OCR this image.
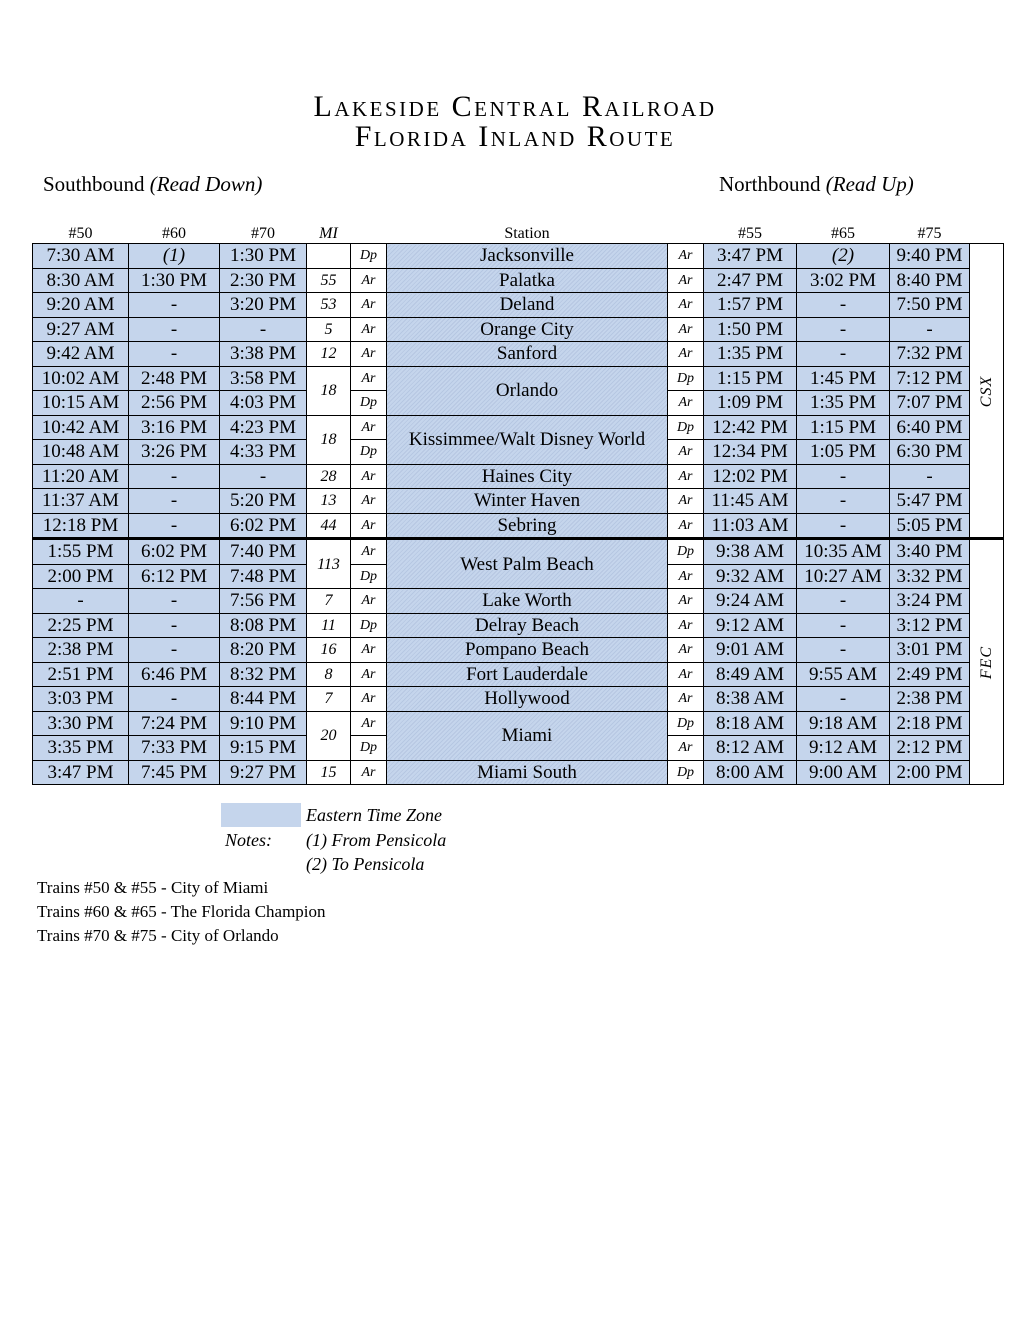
Lakeside Central Railroad
Florida Inland Route
Southbound (Read Down)	Northbound (Read Up)
#50	#60	#70	MI		Station		#55	#65	#75	
7:30 AM	(1)	1:30 PM		Dp	Jacksonville	Ar	3:47 PM	(2)	9:40 PM	CSX
8:30 AM	1:30 PM	2:30 PM	55	Ar	Palatka	Ar	2:47 PM	3:02 PM	8:40 PM	
9:20 AM	-	3:20 PM	53	Ar	Deland	Ar	1:57 PM	-	7:50 PM	
9:27 AM	-	-	5	Ar	Orange City	Ar	1:50 PM	-	-	
9:42 AM	-	3:38 PM	12	Ar	Sanford	Ar	1:35 PM	-	7:32 PM	
10:02 AM	2:48 PM	3:58 PM	18	Ar	Orlando	Dp	1:15 PM	1:45 PM	7:12 PM	
10:15 AM	2:56 PM	4:03 PM		Dp		Ar	1:09 PM	1:35 PM	7:07 PM	
10:42 AM	3:16 PM	4:23 PM	18	Ar	Kissimmee/Walt Disney World	Dp	12:42 PM	1:15 PM	6:40 PM	
10:48 AM	3:26 PM	4:33 PM		Dp		Ar	12:34 PM	1:05 PM	6:30 PM	
11:20 AM	-	-	28	Ar	Haines City	Ar	12:02 PM	-	-	
11:37 AM	-	5:20 PM	13	Ar	Winter Haven	Ar	11:45 AM	-	5:47 PM	
12:18 PM	-	6:02 PM	44	Ar	Sebring	Ar	11:03 AM	-	5:05 PM	
1:55 PM	6:02 PM	7:40 PM	113	Ar	West Palm Beach	Dp	9:38 AM	10:35 AM	3:40 PM	FEC
2:00 PM	6:12 PM	7:48 PM		Dp		Ar	9:32 AM	10:27 AM	3:32 PM	
-	-	7:56 PM	7	Ar	Lake Worth	Ar	9:24 AM	-	3:24 PM	
2:25 PM	-	8:08 PM	11	Dp	Delray Beach	Ar	9:12 AM	-	3:12 PM	
2:38 PM	-	8:20 PM	16	Ar	Pompano Beach	Ar	9:01 AM	-	3:01 PM	
2:51 PM	6:46 PM	8:32 PM	8	Ar	Fort Lauderdale	Ar	8:49 AM	9:55 AM	2:49 PM	
3:03 PM	-	8:44 PM	7	Ar	Hollywood	Ar	8:38 AM	-	2:38 PM	
3:30 PM	7:24 PM	9:10 PM	20	Ar	Miami	Dp	8:18 AM	9:18 AM	2:18 PM	
3:35 PM	7:33 PM	9:15 PM		Dp		Ar	8:12 AM	9:12 AM	2:12 PM	
3:47 PM	7:45 PM	9:27 PM	15	Ar	Miami South	Dp	8:00 AM	9:00 AM	2:00 PM	
Eastern Time Zone
Notes: (1) From Pensicola
(2) To Pensicola
Trains #50 & #55 - City of Miami
Trains #60 & #65 - The Florida Champion
Trains #70 & #75 - City of Orlando
